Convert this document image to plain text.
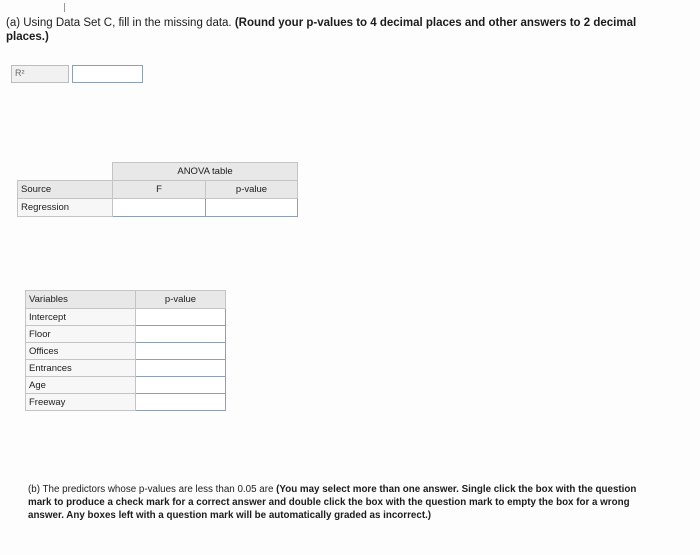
(a) Using Data Set C, fill in the missing data. (Round your p-values to 4 decimal places and other answers to 2 decimal places.)
R²
	ANOVA table	
Source	F	p-value
Regression		
Variables	p-value
Intercept	
Floor	
Offices	
Entrances	
Age	
Freeway	
(b) The predictors whose p-values are less than 0.05 are (You may select more than one answer. Single click the box with the question mark to produce a check mark for a correct answer and double click the box with the question mark to empty the box for a wrong answer. Any boxes left with a question mark will be automatically graded as incorrect.)
